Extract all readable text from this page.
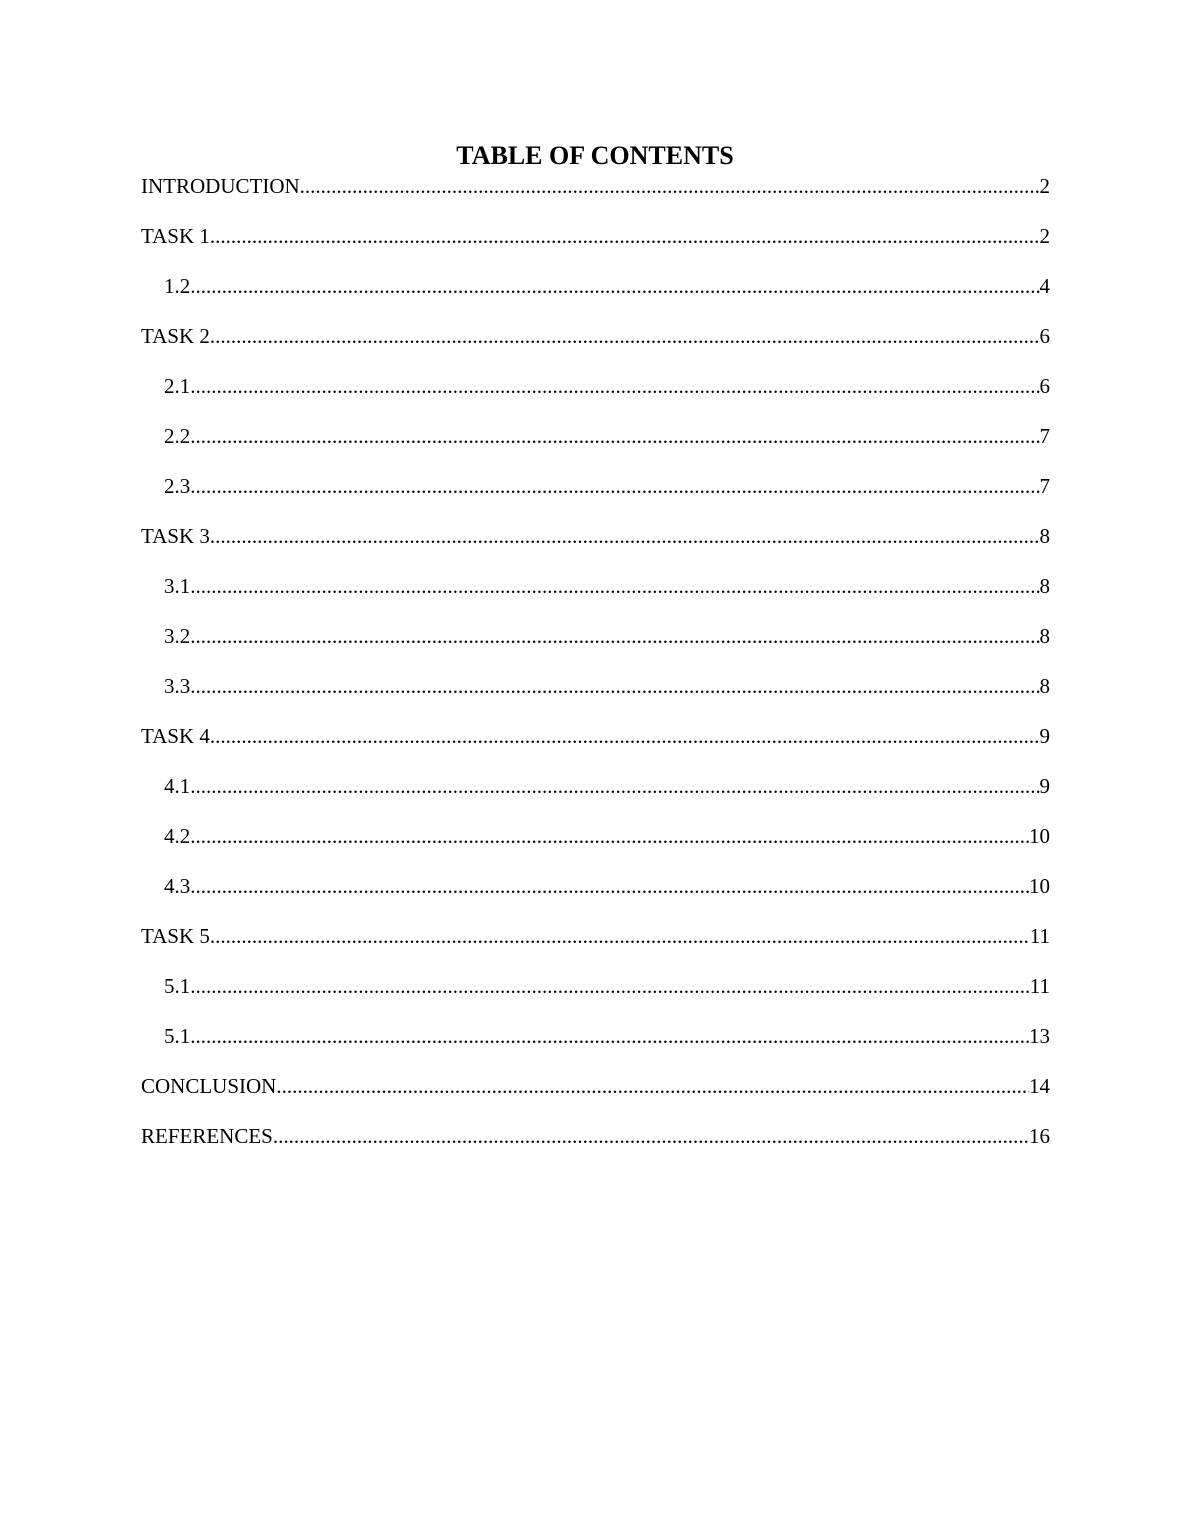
TABLE OF CONTENTS
INTRODUCTION .....	2
TASK 1 .....	2
1.2 .....	4
TASK 2 .....	6
2.1 .....	6
2.2 .....	7
2.3 .....	7
TASK 3 .....	8
3.1 .....	8
3.2 .....	8
3.3 .....	8
TASK 4 .....	9
4.1 .....	9
4.2 .....	10
4.3 .....	10
TASK 5 .....	11
5.1 .....	11
5.1 .....	13
CONCLUSION .....	14
REFERENCES .....	16
